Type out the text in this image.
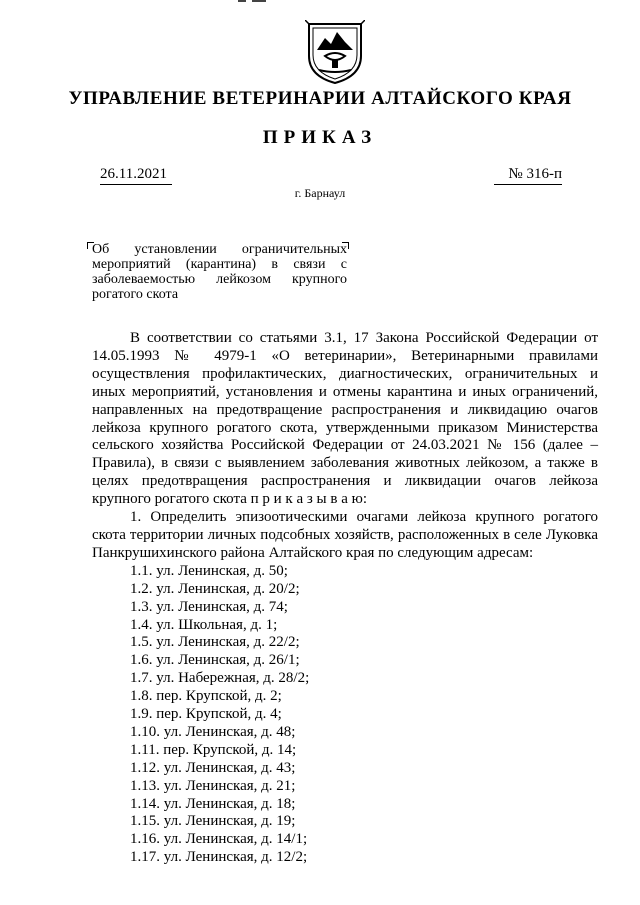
УПРАВЛЕНИЕ ВЕТЕРИНАРИИ АЛТАЙСКОГО КРАЯ
ПРИКАЗ
26.11.2021	№ 316-п
г. Барнаул
Об установлении ограничительных мероприятий (карантина) в связи с заболеваемостью лейкозом крупного рогатого скота

В соответствии со статьями 3.1, 17 Закона Российской Федерации от 14.05.1993 № 4979-1 «О ветеринарии», Ветеринарными правилами осуществления профилактических, диагностических, ограничительных и иных мероприятий, установления и отмены карантина и иных ограничений, направленных на предотвращение распространения и ликвидацию очагов лейкоза крупного рогатого скота, утвержденными приказом Министерства сельского хозяйства Российской Федерации от 24.03.2021 № 156 (далее – Правила), в связи с выявлением заболевания животных лейкозом, а также в целях предотвращения распространения и ликвидации очагов лейкоза крупного рогатого скота п р и к а з ы в а ю:

1. Определить эпизоотическими очагами лейкоза крупного рогатого скота территории личных подсобных хозяйств, расположенных в селе Луковка Панкрушихинского района Алтайского края по следующим адресам:

1.1. ул. Ленинская, д. 50;
1.2. ул. Ленинская, д. 20/2;
1.3. ул. Ленинская, д. 74;
1.4. ул. Школьная, д. 1;
1.5. ул. Ленинская, д. 22/2;
1.6. ул. Ленинская, д. 26/1;
1.7. ул. Набережная, д. 28/2;
1.8. пер. Крупской, д. 2;
1.9. пер. Крупской, д. 4;
1.10. ул. Ленинская, д. 48;
1.11. пер. Крупской, д. 14;
1.12. ул. Ленинская, д. 43;
1.13. ул. Ленинская, д. 21;
1.14. ул. Ленинская, д. 18;
1.15. ул. Ленинская, д. 19;
1.16. ул. Ленинская, д. 14/1;
1.17. ул. Ленинская, д. 12/2;
